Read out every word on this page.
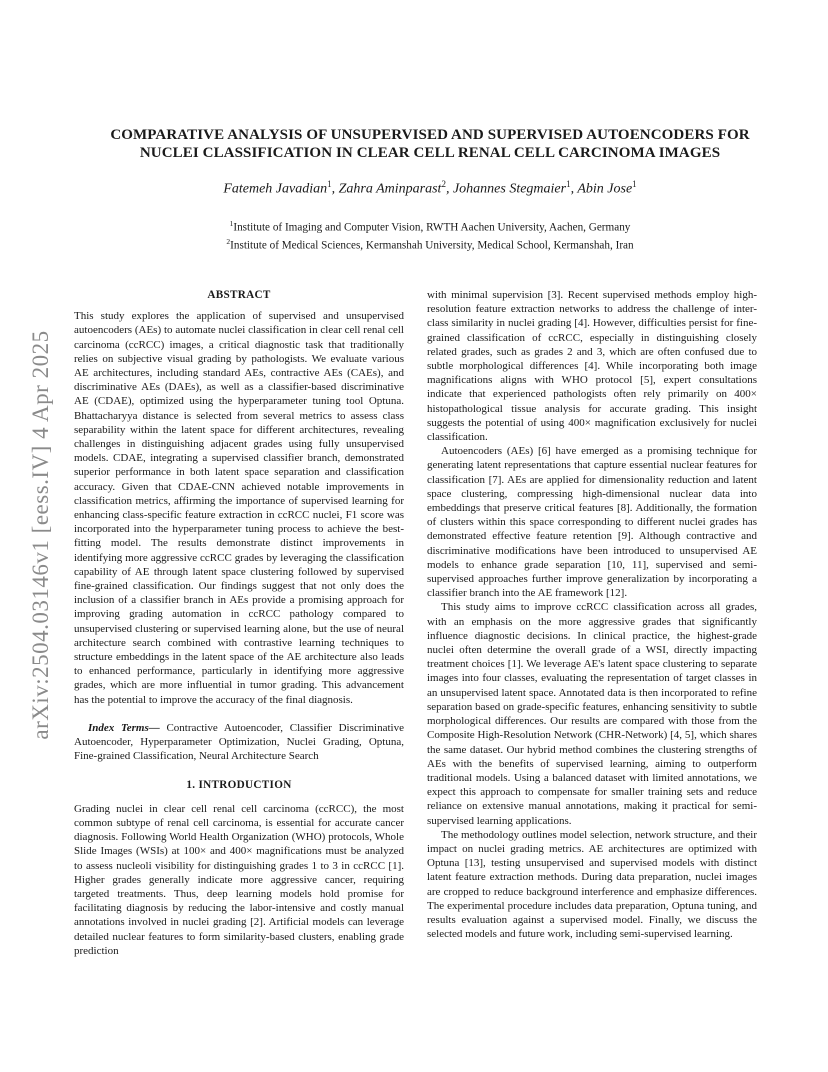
arXiv:2504.03146v1 [eess.IV] 4 Apr 2025
COMPARATIVE ANALYSIS OF UNSUPERVISED AND SUPERVISED AUTOENCODERS FOR NUCLEI CLASSIFICATION IN CLEAR CELL RENAL CELL CARCINOMA IMAGES
Fatemeh Javadian$^1$, Zahra Aminparast$^2$, Johannes Stegmaier$^1$, Abin Jose$^1$
$^1$Institute of Imaging and Computer Vision, RWTH Aachen University, Aachen, Germany
$^2$Institute of Medical Sciences, Kermanshah University, Medical School, Kermanshah, Iran
ABSTRACT

This study explores the application of supervised and unsupervised autoencoders (AEs) to automate nuclei classification in clear cell renal cell carcinoma (ccRCC) images, a critical diagnostic task that traditionally relies on subjective visual grading by pathologists. We evaluate various AE architectures, including standard AEs, contractive AEs (CAEs), and discriminative AEs (DAEs), as well as a classifier-based discriminative AE (CDAE), optimized using the hyperparameter tuning tool Optuna. Bhattacharyya distance is selected from several metrics to assess class separability within the latent space for different architectures, revealing challenges in distinguishing adjacent grades using fully unsupervised models. CDAE, integrating a supervised classifier branch, demonstrated superior performance in both latent space separation and classification accuracy. Given that CDAE-CNN achieved notable improvements in classification metrics, affirming the importance of supervised learning for enhancing class-specific feature extraction in ccRCC nuclei, F1 score was incorporated into the hyperparameter tuning process to achieve the best-fitting model. The results demonstrate distinct improvements in identifying more aggressive ccRCC grades by leveraging the classification capability of AE through latent space clustering followed by supervised fine-grained classification. Our findings suggest that not only does the inclusion of a classifier branch in AEs provide a promising approach for improving grading automation in ccRCC pathology compared to unsupervised clustering or supervised learning alone, but the use of neural architecture search combined with contrastive learning techniques to structure embeddings in the latent space of the AE architecture also leads to enhanced performance, particularly in identifying more aggressive grades, which are more influential in tumor grading. This advancement has the potential to improve the accuracy of the final diagnosis.

Index Terms— Contractive Autoencoder, Classifier Discriminative Autoencoder, Hyperparameter Optimization, Nuclei Grading, Optuna, Fine-grained Classification, Neural Architecture Search

1. INTRODUCTION

Grading nuclei in clear cell renal cell carcinoma (ccRCC), the most common subtype of renal cell carcinoma, is essential for accurate cancer diagnosis. Following World Health Organization (WHO) protocols, Whole Slide Images (WSIs) at 100× and 400× magnifications must be analyzed to assess nucleoli visibility for distinguishing grades 1 to 3 in ccRCC [1]. Higher grades generally indicate more aggressive cancer, requiring targeted treatments. Thus, deep learning models hold promise for facilitating diagnosis by reducing the labor-intensive and costly manual annotations involved in nuclei grading [2]. Artificial models can leverage detailed nuclear features to form similarity-based clusters, enabling grade prediction

with minimal supervision [3]. Recent supervised methods employ high-resolution feature extraction networks to address the challenge of inter-class similarity in nuclei grading [4]. However, difficulties persist for fine-grained classification of ccRCC, especially in distinguishing closely related grades, such as grades 2 and 3, which are often confused due to subtle morphological differences [4]. While incorporating both image magnifications aligns with WHO protocol [5], expert consultations indicate that experienced pathologists often rely primarily on 400× histopathological tissue analysis for accurate grading. This insight suggests the potential of using 400× magnification exclusively for nuclei classification.

Autoencoders (AEs) [6] have emerged as a promising technique for generating latent representations that capture essential nuclear features for classification [7]. AEs are applied for dimensionality reduction and latent space clustering, compressing high-dimensional nuclear data into embeddings that preserve critical features [8]. Additionally, the formation of clusters within this space corresponding to different nuclei grades has demonstrated effective feature retention [9]. Although contractive and discriminative modifications have been introduced to unsupervised AE models to enhance grade separation [10, 11], supervised and semi-supervised approaches further improve generalization by incorporating a classifier branch into the AE framework [12].

This study aims to improve ccRCC classification across all grades, with an emphasis on the more aggressive grades that significantly influence diagnostic decisions. In clinical practice, the highest-grade nuclei often determine the overall grade of a WSI, directly impacting treatment choices [1]. We leverage AE's latent space clustering to separate images into four classes, evaluating the representation of target classes in an unsupervised latent space. Annotated data is then incorporated to refine separation based on grade-specific features, enhancing sensitivity to subtle morphological differences. Our results are compared with those from the Composite High-Resolution Network (CHR-Network) [4, 5], which shares the same dataset. Our hybrid method combines the clustering strengths of AEs with the benefits of supervised learning, aiming to outperform traditional models. Using a balanced dataset with limited annotations, we expect this approach to compensate for smaller training sets and reduce reliance on extensive manual annotations, making it practical for semi-supervised learning applications.

The methodology outlines model selection, network structure, and their impact on nuclei grading metrics. AE architectures are optimized with Optuna [13], testing unsupervised and supervised models with distinct latent feature extraction methods. During data preparation, nuclei images are cropped to reduce background interference and emphasize differences. The experimental procedure includes data preparation, Optuna tuning, and results evaluation against a supervised model. Finally, we discuss the selected models and future work, including semi-supervised learning.
